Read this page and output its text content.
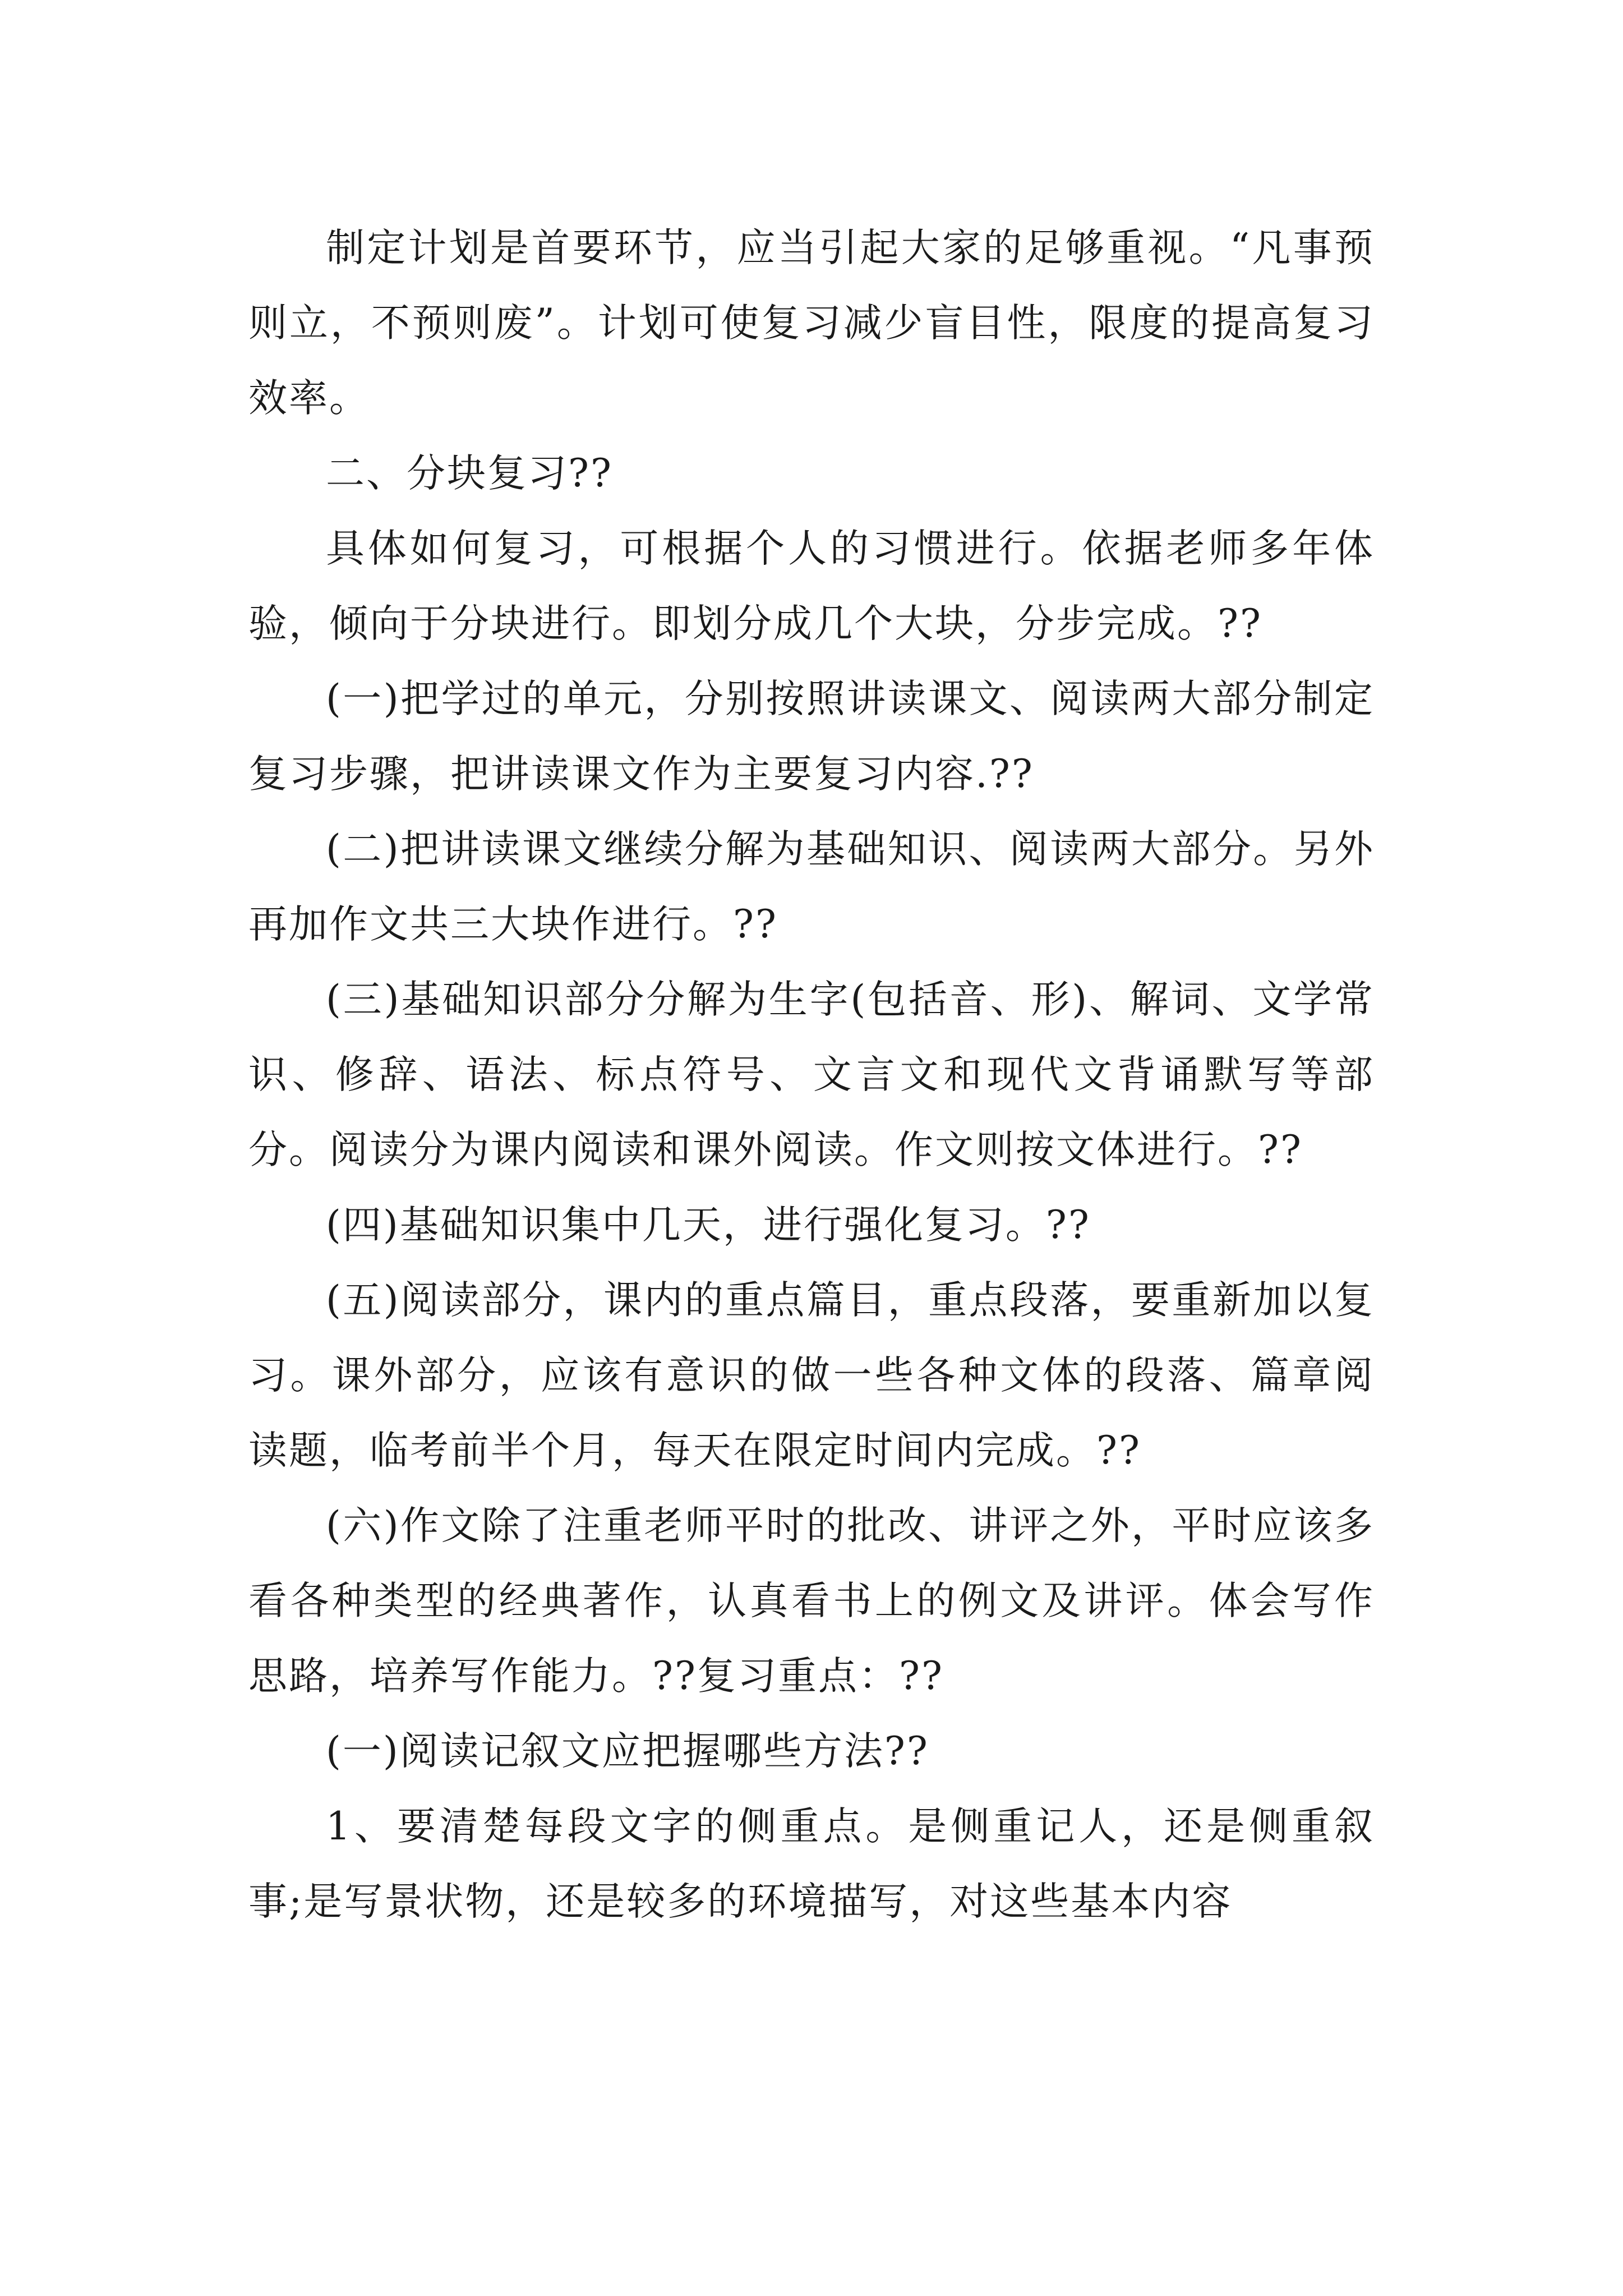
制定计划是首要环节，应当引起大家的足够重视。“凡事预则立，不预则废”。计划可使复习减少盲目性，限度的提高复习效率。

二、分块复习??

具体如何复习，可根据个人的习惯进行。依据老师多年体验，倾向于分块进行。即划分成几个大块，分步完成。??

(一)把学过的单元，分别按照讲读课文、阅读两大部分制定复习步骤，把讲读课文作为主要复习内容.??

(二)把讲读课文继续分解为基础知识、阅读两大部分。另外再加作文共三大块作进行。??

(三)基础知识部分分解为生字(包括音、形)、解词、文学常识、修辞、语法、标点符号、文言文和现代文背诵默写等部分。阅读分为课内阅读和课外阅读。作文则按文体进行。??

(四)基础知识集中几天，进行强化复习。??

(五)阅读部分，课内的重点篇目，重点段落，要重新加以复习。课外部分，应该有意识的做一些各种文体的段落、篇章阅读题，临考前半个月，每天在限定时间内完成。??

(六)作文除了注重老师平时的批改、讲评之外，平时应该多看各种类型的经典著作，认真看书上的例文及讲评。体会写作思路，培养写作能力。??复习重点：??

(一)阅读记叙文应把握哪些方法??

1、要清楚每段文字的侧重点。是侧重记人，还是侧重叙事;是写景状物，还是较多的环境描写，对这些基本内容
